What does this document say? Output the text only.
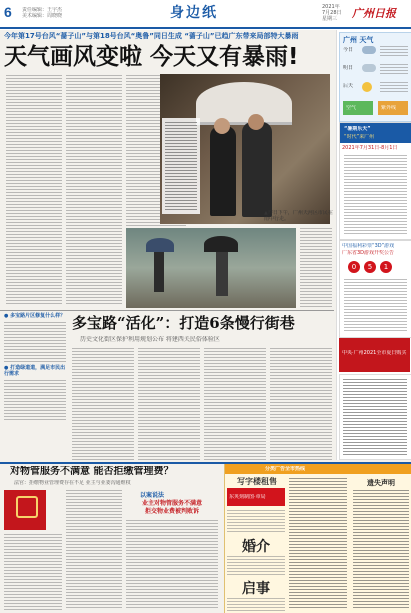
6 责任编辑：王宇杰
美术编辑：周晓晓	身边纸	2021年
7月28日
星期三	广州日报
今年第17号台风“蔷子山”与第18号台风“奥鲁”同日生成 “蔷子山”已趋广东带来局部特大暴雨
天气画风变啦 今天又有暴雨!
▲昨日下午，广州天河区市民在雨中行走。
广州 天气
今日
明日
后天
空气	紫外线
“暑期乐天”
“时代”来广州
2021年7月31日-8月1日
中国福利彩票“3D”游戏
广东省3D游戏开奖公告
0	5	1
中央·广州2021全市夏日购买
● 多宝路片区修复什么样？
● 打造绿道道，满足市民出行需求
多宝路“活化”：打造6条慢行街巷
历史文化街区保护利用规划公布 将建西关民俗体验区
对物管服务不满意 能否拒缴管理费？
法官：拒缴物业管理费存在不足 业主与业委沟通维权
以案说法
业主对物管服务不满意
拒交物业费被判败诉
分类广告全市热线
写字楼租售
东英刻制图·章局
婚介
启事
遗失声明
